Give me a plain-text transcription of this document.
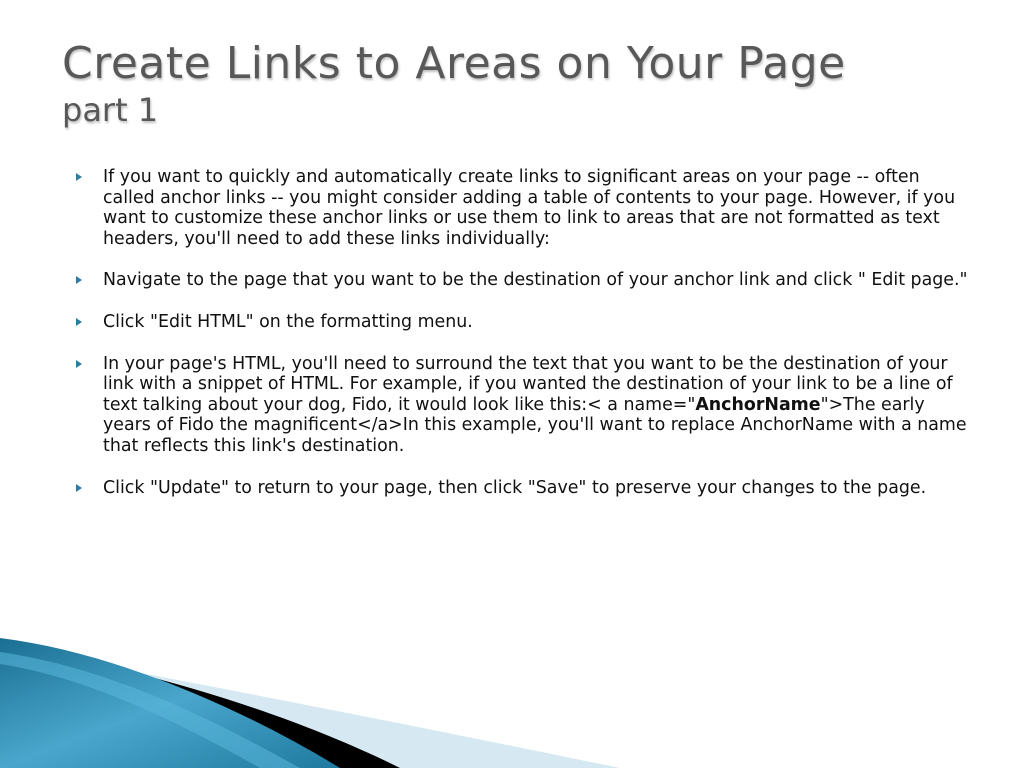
Create Links to Areas on Your Page
part 1
If you want to quickly and automatically create links to significant areas on your page -- often called anchor links -- you might consider adding a table of contents to your page. However, if you want to customize these anchor links or use them to link to areas that are not formatted as text headers, you'll need to add these links individually:
Navigate to the page that you want to be the destination of your anchor link and click " Edit page."
Click "Edit HTML" on the formatting menu.
In your page's HTML, you'll need to surround the text that you want to be the destination of your link with a snippet of HTML. For example, if you wanted the destination of your link to be a line of text talking about your dog, Fido, it would look like this:< a name="AnchorName">The early years of Fido the magnificent</a>In this example, you'll want to replace AnchorName with a name that reflects this link's destination.
Click "Update" to return to your page, then click "Save" to preserve your changes to the page.
